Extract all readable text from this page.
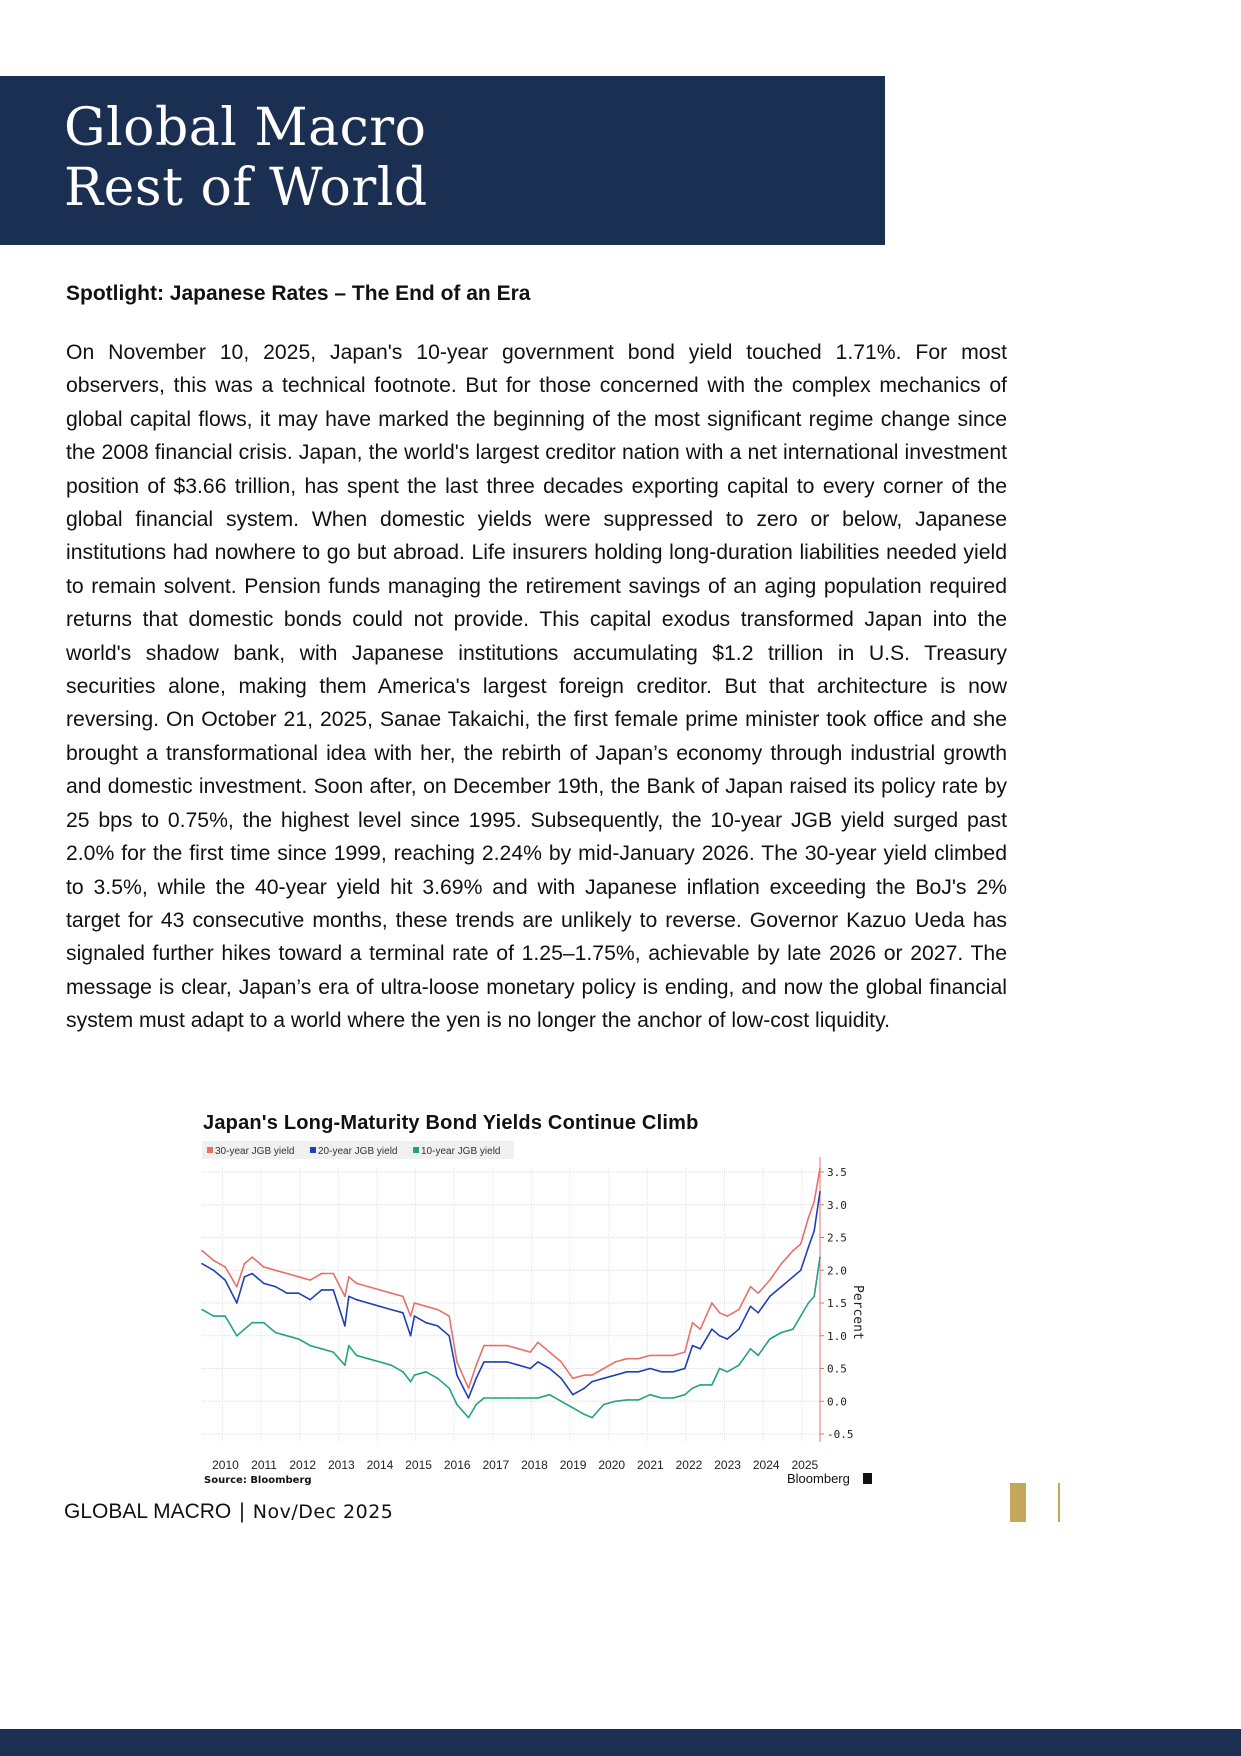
Global Macro
Rest of World
Spotlight: Japanese Rates – The End of an Era
On November 10, 2025, Japan's 10-year government bond yield touched 1.71%. For most observers, this was a technical footnote. But for those concerned with the complex mechanics of global capital flows, it may have marked the beginning of the most significant regime change since the 2008 financial crisis. Japan, the world's largest creditor nation with a net international investment position of $3.66 trillion, has spent the last three decades exporting capital to every corner of the global financial system. When domestic yields were suppressed to zero or below, Japanese institutions had nowhere to go but abroad. Life insurers holding long-duration liabilities needed yield to remain solvent. Pension funds managing the retirement savings of an aging population required returns that domestic bonds could not provide. This capital exodus transformed Japan into the world's shadow bank, with Japanese institutions accumulating $1.2 trillion in U.S. Treasury securities alone, making them America's largest foreign creditor. But that architecture is now reversing. On October 21, 2025, Sanae Takaichi, the first female prime minister took office and she brought a transformational idea with her, the rebirth of Japan’s economy through industrial growth and domestic investment. Soon after, on December 19th, the Bank of Japan raised its policy rate by 25 bps to 0.75%, the highest level since 1995. Subsequently, the 10-year JGB yield surged past 2.0% for the first time since 1999, reaching 2.24% by mid-January 2026. The 30-year yield climbed to 3.5%, while the 40-year yield hit 3.69% and with Japanese inflation exceeding the BoJ's 2% target for 43 consecutive months, these trends are unlikely to reverse. Governor Kazuo Ueda has signaled further hikes toward a terminal rate of 1.25–1.75%, achievable by late 2026 or 2027. The message is clear, Japan’s era of ultra-loose monetary policy is ending, and now the global financial system must adapt to a world where the yen is no longer the anchor of low-cost liquidity.
Japan's Long-Maturity Bond Yields Continue Climb
30-year JGB yield 20-year JGB yield 10-year JGB yield
3.5
3.0
2.5
2.0
1.5
1.0
0.5
0.0
-0.5
2010 2011 2012 2013 2014 2015 2016 2017 2018 2019 2020 2021 2022 2023 2024 2025
Percent
Source: Bloomberg	Bloomberg
GLOBAL MACRO | Nov/Dec 2025
